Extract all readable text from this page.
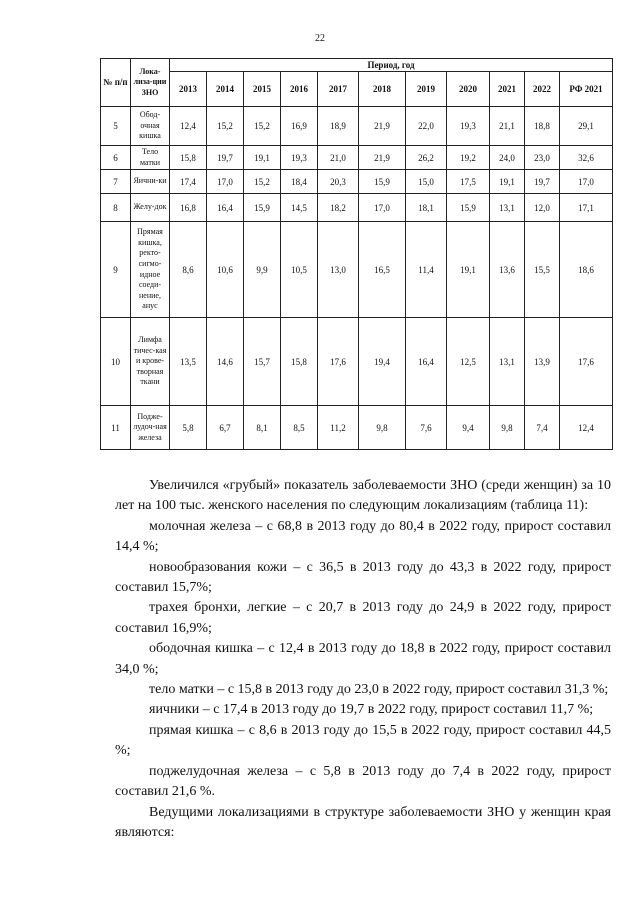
22
№ п/п	Лока-лиза-ции ЗНО	Период, год										
		2013	2014	2015	2016	2017	2018	2019	2020	2021	2022	РФ 2021
5	Обод-очная кишка	12,4	15,2	15,2	16,9	18,9	21,9	22,0	19,3	21,1	18,8	29,1
6	Тело матки	15,8	19,7	19,1	19,3	21,0	21,9	26,2	19,2	24,0	23,0	32,6
7	Яични-ки	17,4	17,0	15,2	18,4	20,3	15,9	15,0	17,5	19,1	19,7	17,0
8	Желу-док	16,8	16,4	15,9	14,5	18,2	17,0	18,1	15,9	13,1	12,0	17,1
9	Прямая кишка, ректо-сигмо-идное соеди-нение, анус	8,6	10,6	9,9	10,5	13,0	16,5	11,4	19,1	13,6	15,5	18,6
10	Лимфа тичес-кая и крове-творная ткани	13,5	14,6	15,7	15,8	17,6	19,4	16,4	12,5	13,1	13,9	17,6
11	Подже-лудоч-ная железа	5,8	6,7	8,1	8,5	11,2	9,8	7,6	9,4	9,8	7,4	12,4

Увеличился «грубый» показатель заболеваемости ЗНО (среди женщин) за 10 лет на 100 тыс. женского населения по следующим локализациям (таблица 11):

молочная железа – с 68,8 в 2013 году до 80,4 в 2022 году, прирост составил 14,4 %;

новообразования кожи – с 36,5 в 2013 году до 43,3 в 2022 году, прирост составил 15,7%;

трахея бронхи, легкие – с 20,7 в 2013 году до 24,9 в 2022 году, прирост составил 16,9%;

ободочная кишка – с 12,4 в 2013 году до 18,8 в 2022 году, прирост составил 34,0 %;

тело матки – с 15,8 в 2013 году до 23,0 в 2022 году, прирост составил 31,3 %;

яичники – с 17,4 в 2013 году до 19,7 в 2022 году, прирост составил 11,7 %;

прямая кишка – с 8,6 в 2013 году до 15,5 в 2022 году, прирост составил 44,5 %;

поджелудочная железа – с 5,8 в 2013 году до 7,4 в 2022 году, прирост составил 21,6 %.

Ведущими локализациями в структуре заболеваемости ЗНО у женщин края являются:
